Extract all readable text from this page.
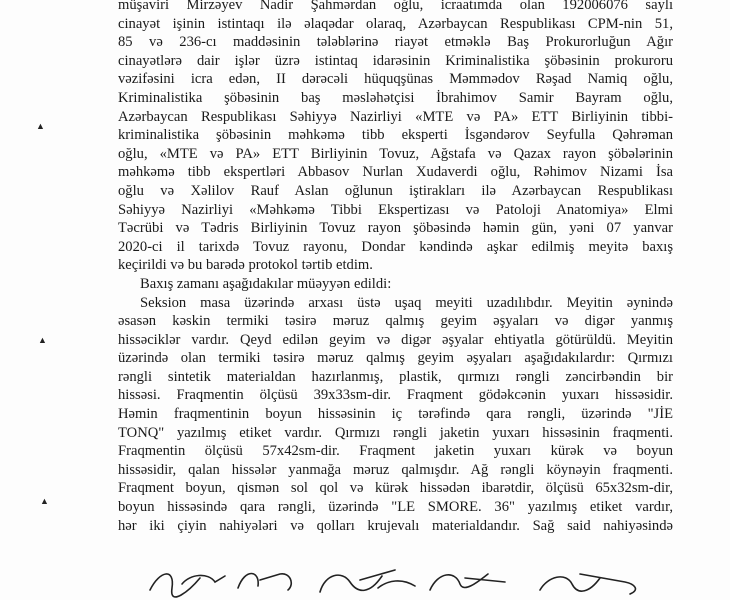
▲
▲
▲
müşaviri Mirzəyev Nadir Şahmərdan oğlu, icraatımda olan 192006076 saylı
cinayət işinin istintaqı ilə əlaqədar olaraq, Azərbaycan Respublikası CPM-nin 51,
85 və 236-cı maddəsinin tələblərinə riayət etməklə Baş Prokurorluğun Ağır
cinayətlərə dair işlər üzrə istintaq idarəsinin Kriminalistika şöbəsinin prokuroru
vəzifəsini icra edən, II dərəcəli hüquqşünas Məmmədov Rəşad Namiq oğlu,
Kriminalistika şöbəsinin baş məsləhətçisi İbrahimov Samir Bayram oğlu,
Azərbaycan Respublikası Səhiyyə Nazirliyi «MTE və PA» ETT Birliyinin tibbi-
kriminalistika şöbəsinin məhkəmə tibb eksperti İsgəndərov Seyfulla Qəhrəman
oğlu, «MTE və PA» ETT Birliyinin Tovuz, Ağstafa və Qazax rayon şöbələrinin
məhkəmə tibb ekspertləri Abbasov Nurlan Xudaverdi oğlu, Rəhimov Nizami İsa
oğlu və Xəlilov Rauf Aslan oğlunun iştirakları ilə Azərbaycan Respublikası
Səhiyyə Nazirliyi «Məhkəmə Tibbi Ekspertizası və Patoloji Anatomiya» Elmi
Təcrübi və Tədris Birliyinin Tovuz rayon şöbəsində həmin gün, yəni 07 yanvar
2020-ci il tarixdə Tovuz rayonu, Dondar kəndində aşkar edilmiş meyitə baxış
keçirildi və bu barədə protokol tərtib etdim.
Baxış zamanı aşağıdakılar müəyyən edildi:
Seksion masa üzərində arxası üstə uşaq meyiti uzadılıbdır. Meyitin əynində
əsasən kəskin termiki təsirə məruz qalmış geyim əşyaları və digər yanmış
hissəciklər vardır. Qeyd edilən geyim və digər əşyalar ehtiyatla götürüldü. Meyitin
üzərində olan termiki təsirə məruz qalmış geyim əşyaları aşağıdakılardır: Qırmızı
rəngli sintetik materialdan hazırlanmış, plastik, qırmızı rəngli zəncirbəndin bir
hissəsi. Fraqmentin ölçüsü 39x33sm-dir. Fraqment gödəkcənin yuxarı hissəsidir.
Həmin fraqmentinin boyun hissəsinin iç tərəfində qara rəngli, üzərində "JİE
TONQ" yazılmış etiket vardır. Qırmızı rəngli jaketin yuxarı hissəsinin fraqmenti.
Fraqmentin ölçüsü 57x42sm-dir. Fraqment jaketin yuxarı kürək və boyun
hissəsidir, qalan hissələr yanmağa məruz qalmışdır. Ağ rəngli köynəyin fraqmenti.
Fraqment boyun, qismən sol qol və kürək hissədən ibarətdir, ölçüsü 65x32sm-dir,
boyun hissəsində qara rəngli, üzərində "LE SMORE. 36" yazılmış etiket vardır,
hər iki çiyin nahiyələri və qolları krujevalı materialdandır. Sağ said nahiyəsində
